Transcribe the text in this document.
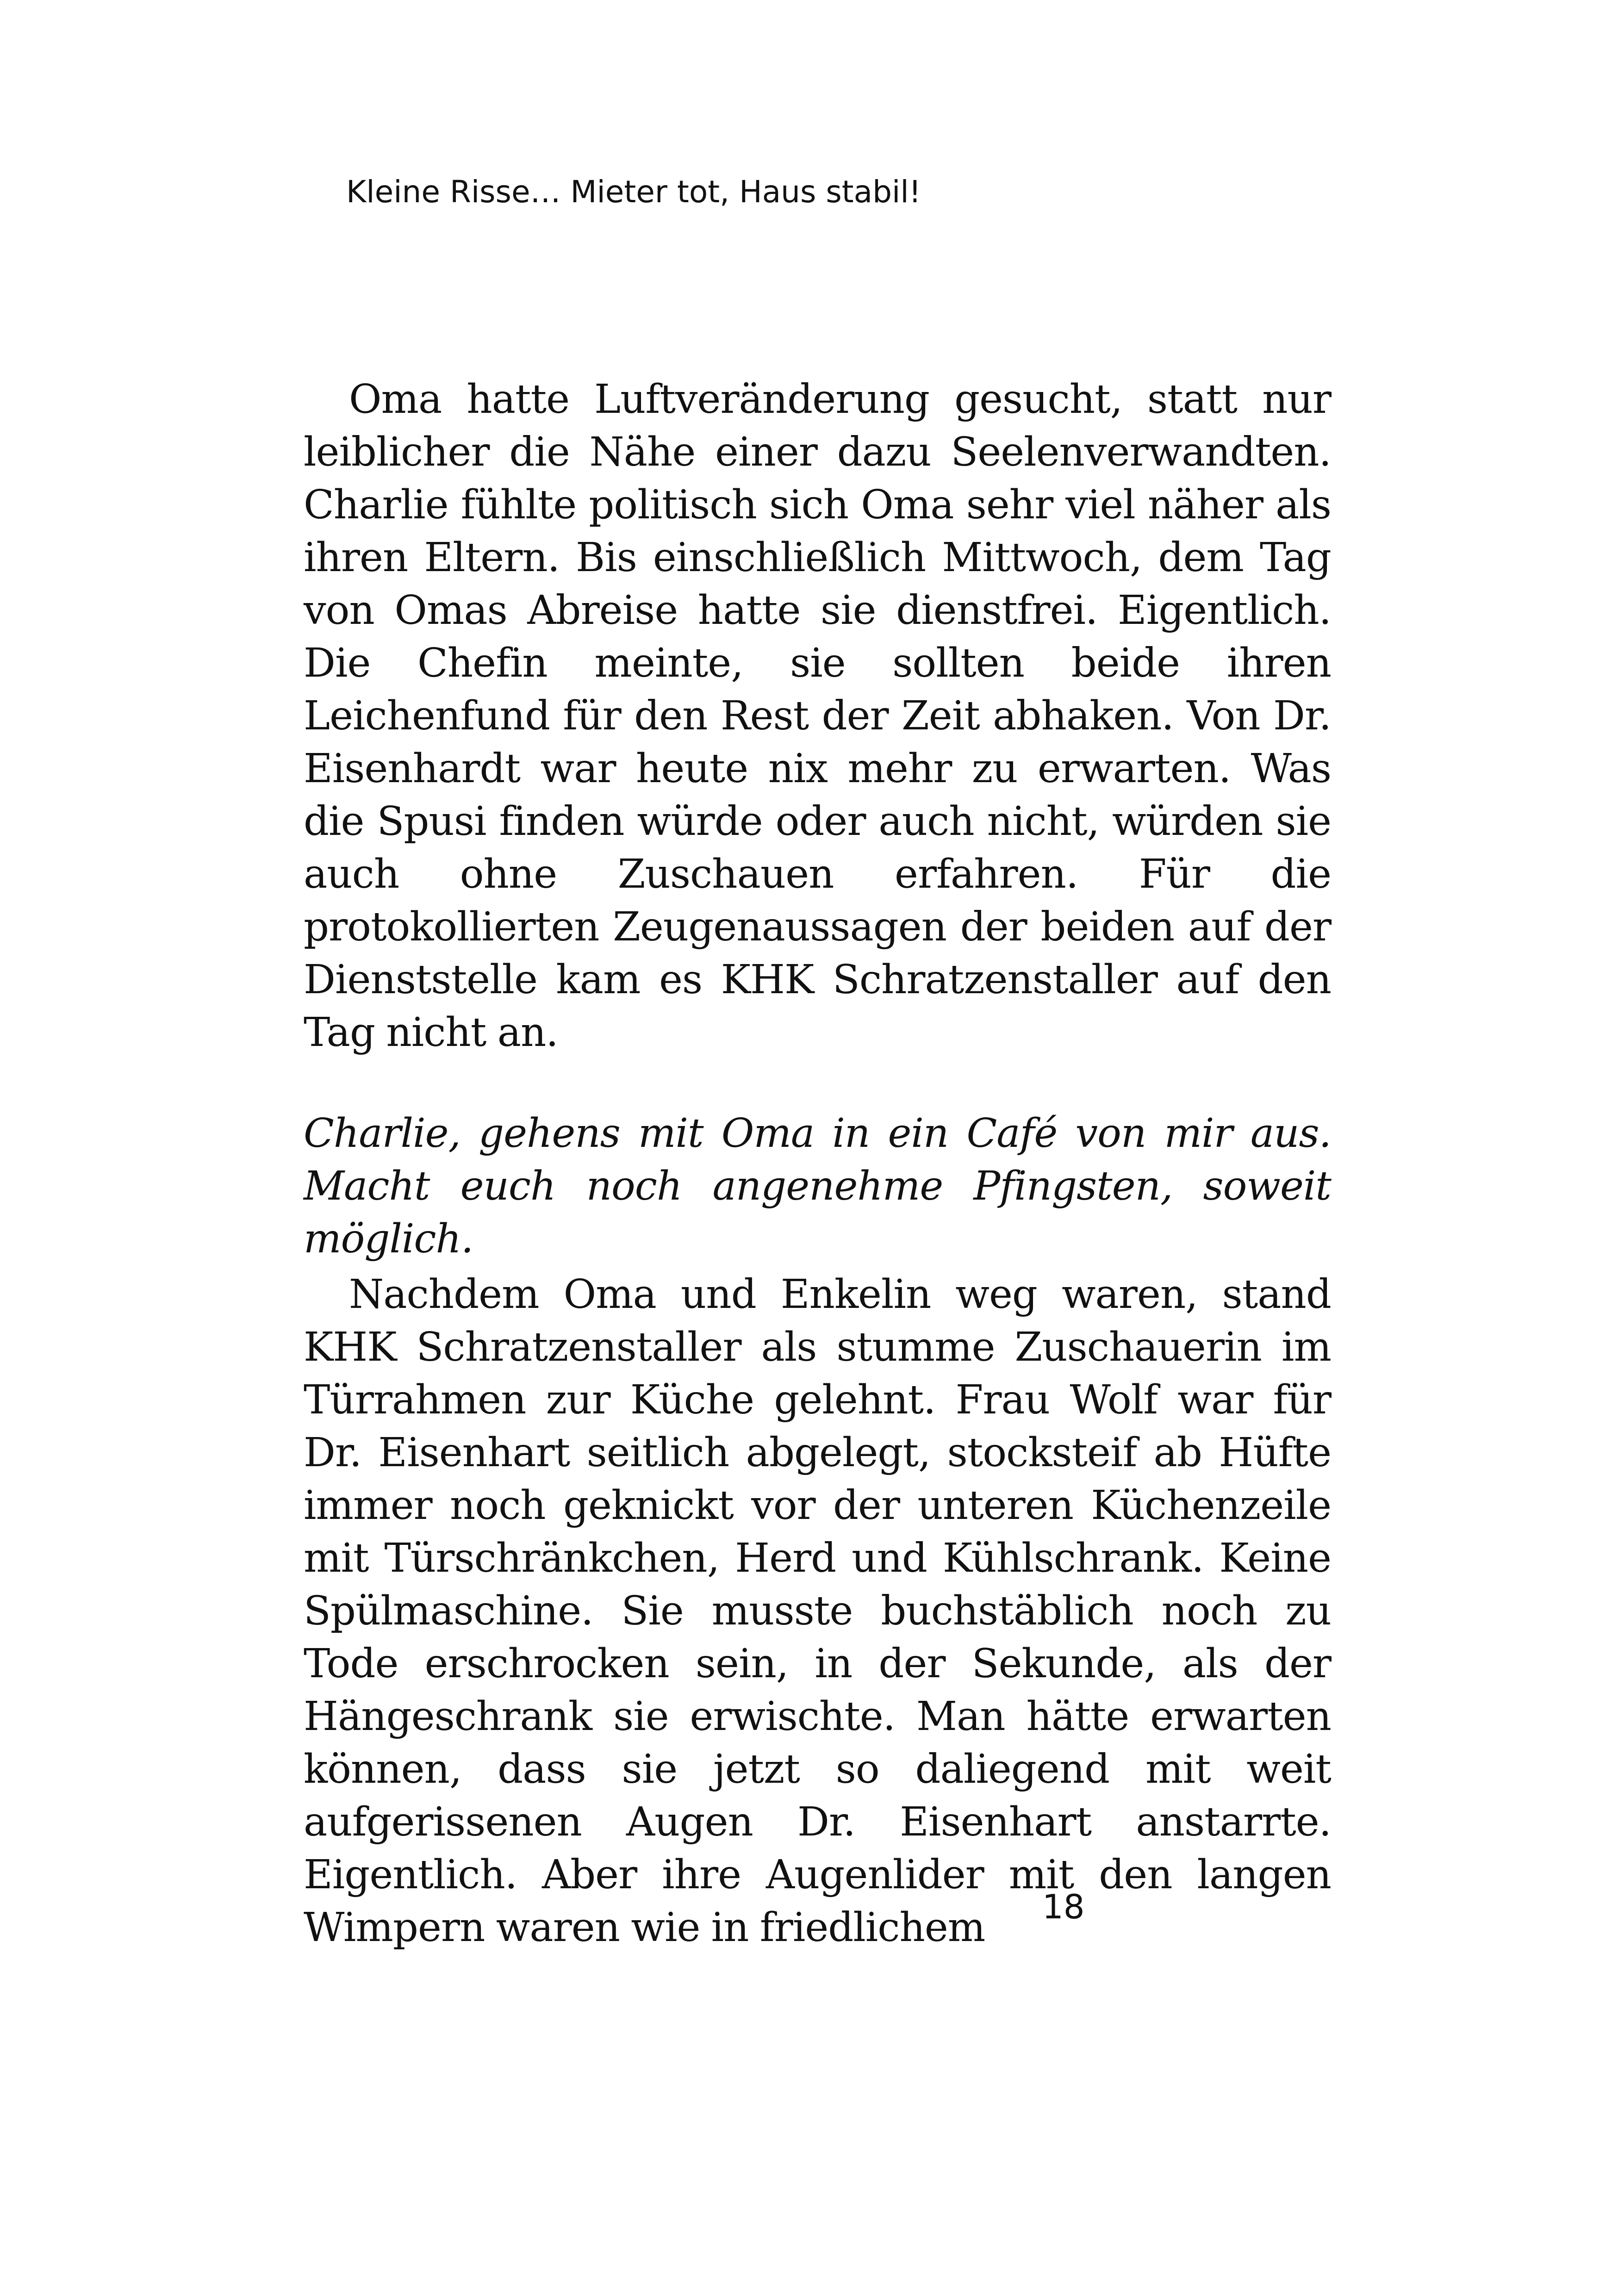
Kleine Risse… Mieter tot, Haus stabil!

Oma hatte Luftveränderung gesucht, statt nur leiblicher die Nähe einer dazu Seelenverwandten. Charlie fühlte politisch sich Oma sehr viel näher als ihren Eltern. Bis einschließlich Mittwoch, dem Tag von Omas Abreise hatte sie dienstfrei. Eigentlich. Die Chefin meinte, sie sollten beide ihren Leichenfund für den Rest der Zeit abhaken. Von Dr. Eisenhardt war heute nix mehr zu erwarten. Was die Spusi finden würde oder auch nicht, würden sie auch ohne Zuschauen erfahren. Für die protokollierten Zeugenaussagen der beiden auf der Dienststelle kam es KHK Schratzenstaller auf den Tag nicht an.

Charlie, gehens mit Oma in ein Café von mir aus. Macht euch noch angenehme Pfingsten, soweit möglich.

Nachdem Oma und Enkelin weg waren, stand KHK Schratzenstaller als stumme Zuschauerin im Türrahmen zur Küche gelehnt. Frau Wolf war für Dr. Eisenhart seitlich abgelegt, stocksteif ab Hüfte immer noch geknickt vor der unteren Küchenzeile mit Türschränkchen, Herd und Kühlschrank. Keine Spülmaschine. Sie musste buchstäblich noch zu Tode erschrocken sein, in der Sekunde, als der Hängeschrank sie erwischte. Man hätte erwarten können, dass sie jetzt so daliegend mit weit aufgerissenen Augen Dr. Eisenhart anstarrte. Eigentlich. Aber ihre Augenlider mit den langen Wimpern waren wie in friedlichem	18
